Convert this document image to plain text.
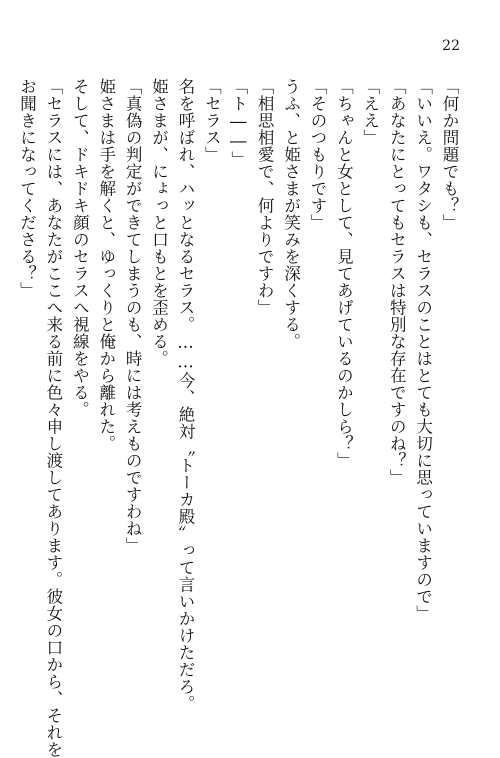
22
「何か問題でも？」
「いいえ。ワタシも、セラスのことはとても大切に思っていますので」
「あなたにとってもセラスは特別な存在ですのね？」
「ええ」
「ちゃんと女として、見てあげているのかしら？」
「そのつもりです」
うふ、と姫さまが笑みを深くする。
「相思相愛で、何よりですわ」
「ト――」
「セラス」
名を呼ばれ、ハッとなるセラス。……今、絶対〝トーカ殿〟って言いかけただろ。
姫さまが、にょっと口もとを歪める。
「真偽の判定ができてしまうのも、時には考えものですわね」
姫さまは手を解くと、ゆっくりと俺から離れた。
そして、ドキドキ顔のセラスへ視線をやる。
「セラスには、あなたがここへ来る前に色々申し渡してあります。彼女の口から、それを
お聞きになってくださる？」
